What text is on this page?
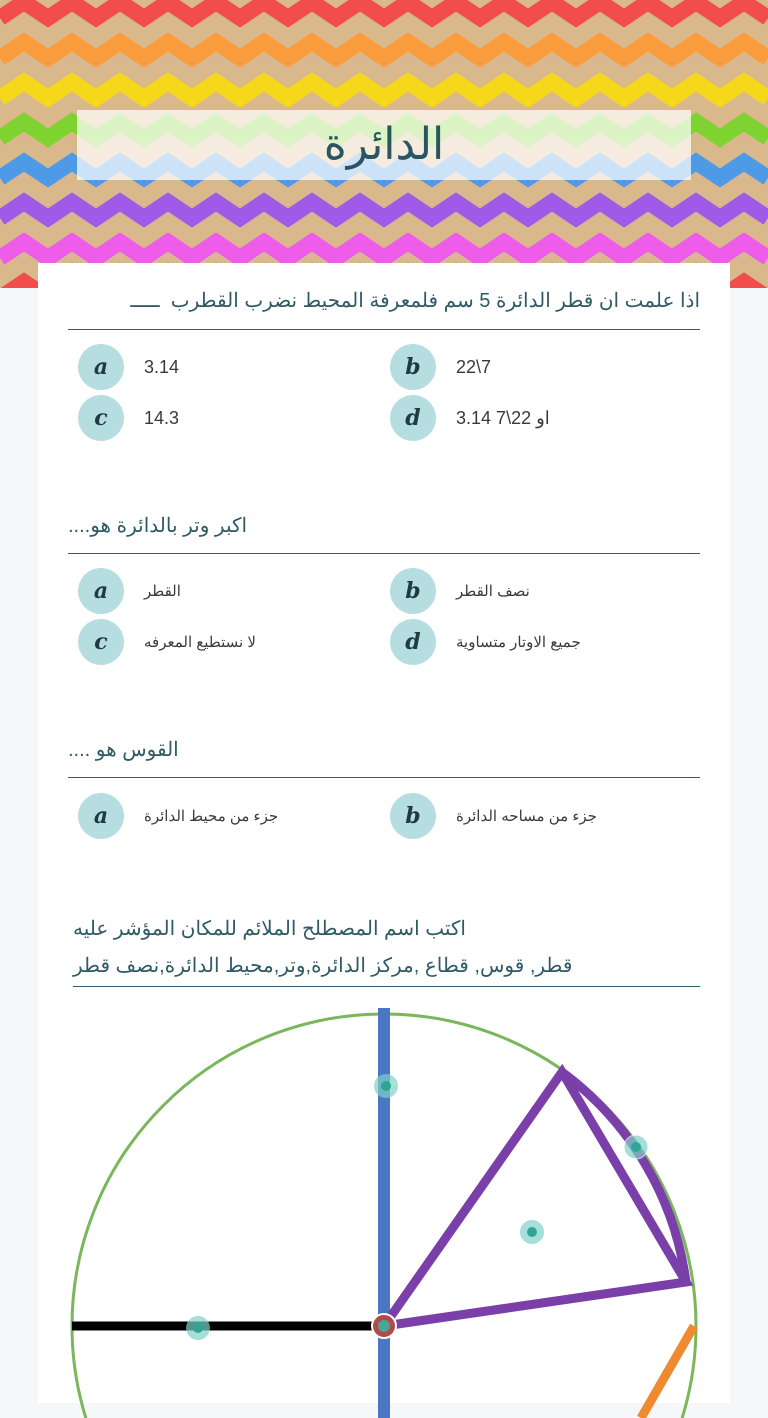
الدائرة
اذا علمت ان قطر الدائرة 5 سم فلمعرفة المحيط نضرب القطرب  ـــــ
a	3.14	b	22\7
c	14.3	d	3.14 او 22\7
اكبر وتر بالدائرة هو....
a	القطر	b	نصف القطر
c	لا نستطيع المعرفه	d	جميع الاوتار متساوية
القوس هو ....
a	جزء من محيط الدائرة	b	جزء من مساحه الدائرة
اكتب اسم المصطلح الملائم للمكان المؤشر عليه
قطر, قوس, قطاع ,مركز الدائرة,وتر,محيط الدائرة,نصف قطر
